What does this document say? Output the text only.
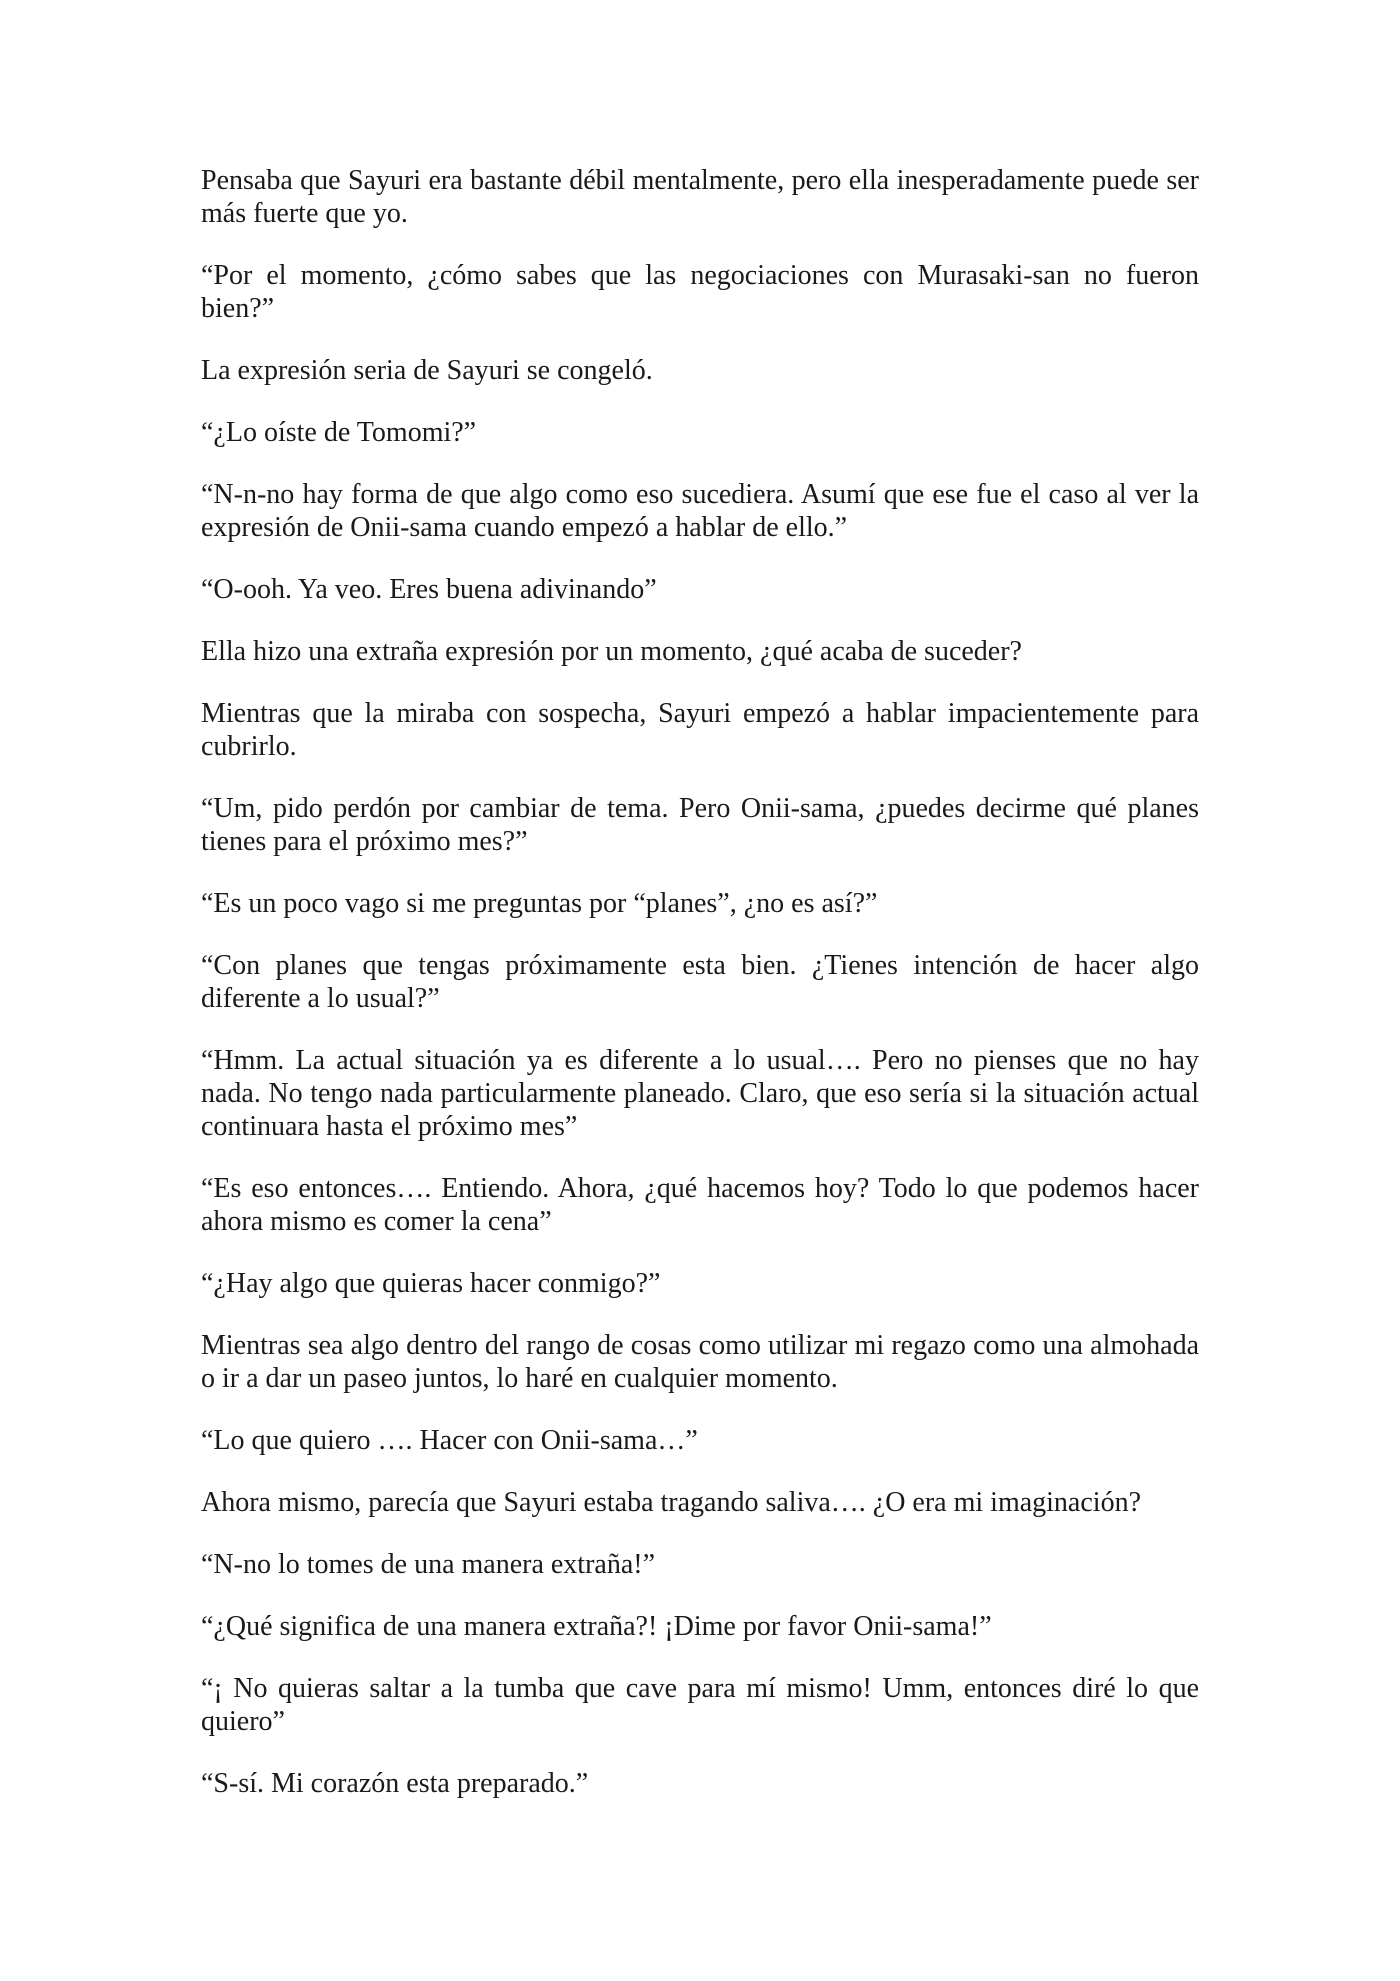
Pensaba que Sayuri era bastante débil mentalmente, pero ella inesperadamente puede ser más fuerte que yo.

“Por el momento, ¿cómo sabes que las negociaciones con Murasaki-san no fueron bien?”

La expresión seria de Sayuri se congeló.

“¿Lo oíste de Tomomi?”

“N-n-no hay forma de que algo como eso sucediera. Asumí que ese fue el caso al ver la expresión de Onii-sama cuando empezó a hablar de ello.”

“O-ooh. Ya veo. Eres buena adivinando”

Ella hizo una extraña expresión por un momento, ¿qué acaba de suceder?

Mientras que la miraba con sospecha, Sayuri empezó a hablar impacientemente para cubrirlo.

“Um, pido perdón por cambiar de tema. Pero Onii-sama, ¿puedes decirme qué planes tienes para el próximo mes?”

“Es un poco vago si me preguntas por “planes”, ¿no es así?”

“Con planes que tengas próximamente esta bien. ¿Tienes intención de hacer algo diferente a lo usual?”

“Hmm. La actual situación ya es diferente a lo usual…. Pero no pienses que no hay nada. No tengo nada particularmente planeado. Claro, que eso sería si la situación actual continuara hasta el próximo mes”

“Es eso entonces…. Entiendo. Ahora, ¿qué hacemos hoy? Todo lo que podemos hacer ahora mismo es comer la cena”

“¿Hay algo que quieras hacer conmigo?”

Mientras sea algo dentro del rango de cosas como utilizar mi regazo como una almohada o ir a dar un paseo juntos, lo haré en cualquier momento.

“Lo que quiero …. Hacer con Onii-sama…”

Ahora mismo, parecía que Sayuri estaba tragando saliva…. ¿O era mi imaginación?

“N-no lo tomes de una manera extraña!”

“¿Qué significa de una manera extraña?! ¡Dime por favor Onii-sama!”

“¡ No quieras saltar a la tumba que cave para mí mismo! Umm, entonces diré lo que quiero”

“S-sí. Mi corazón esta preparado.”
